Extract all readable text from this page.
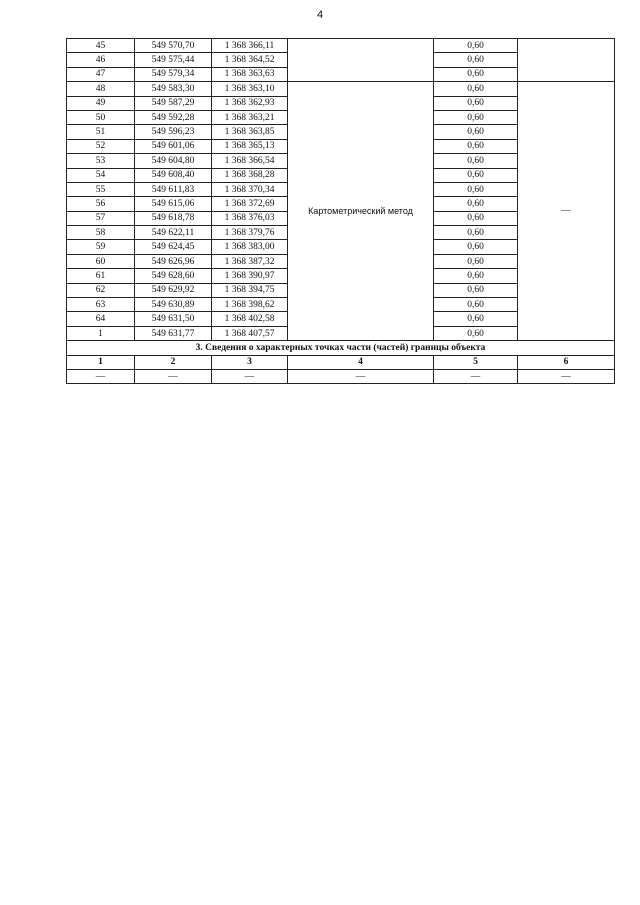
4
45	549 570,70	1 368 366,11		0,60	
46	549 575,44	1 368 364,52		0,60	
47	549 579,34	1 368 363,63		0,60	
48	549 583,30	1 368 363,10	Картометрический метод	0,60	—
49	549 587,29	1 368 362,93		0,60	
50	549 592,28	1 368 363,21		0,60	
51	549 596,23	1 368 363,85		0,60	
52	549 601,06	1 368 365,13		0,60	
53	549 604,80	1 368 366,54		0,60	
54	549 608,40	1 368 368,28		0,60	
55	549 611,83	1 368 370,34		0,60	
56	549 615,06	1 368 372,69		0,60	
57	549 618,78	1 368 376,03		0,60	
58	549 622,11	1 368 379,76		0,60	
59	549 624,45	1 368 383,00		0,60	
60	549 626,96	1 368 387,32		0,60	
61	549 628,60	1 368 390,97		0,60	
62	549 629,92	1 368 394,75		0,60	
63	549 630,89	1 368 398,62		0,60	
64	549 631,50	1 368 402,58		0,60	
1	549 631,77	1 368 407,57		0,60	
3. Сведения о характерных точках части (частей) границы объекта					
1	2	3	4	5	6
—	—	—	—	—	—
